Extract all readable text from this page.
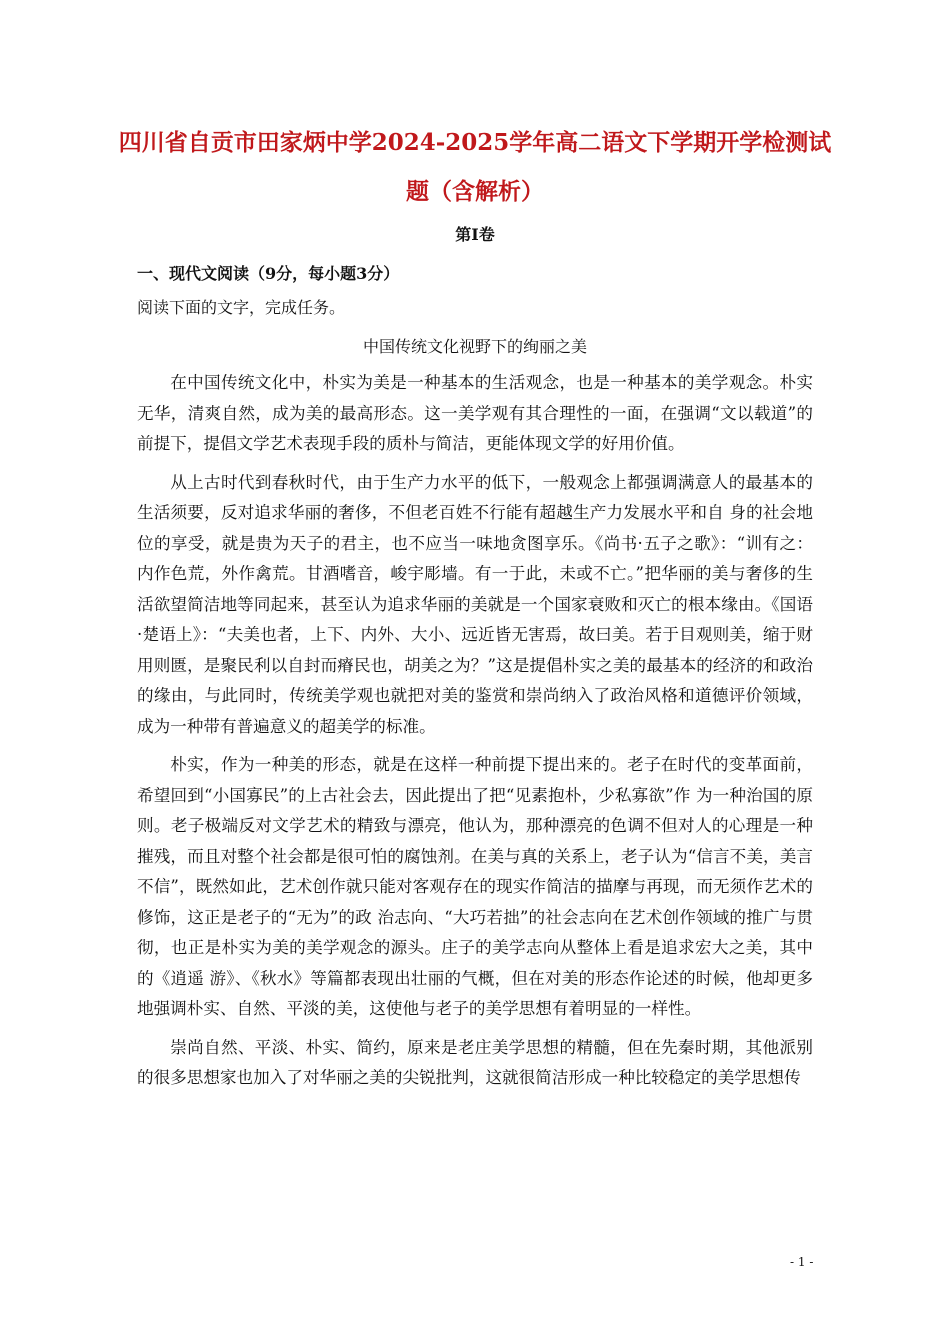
四川省自贡市田家炳中学2024-2025学年高二语文下学期开学检测试
题（含解析）
第Ⅰ卷
一、现代文阅读（9分，每小题3分）
阅读下面的文字，完成任务。
中国传统文化视野下的绚丽之美

在中国传统文化中，朴实为美是一种基本的生活观念，也是一种基本的美学观念。朴实无华，清爽自然，成为美的最高形态。这一美学观有其合理性的一面，在强调“文以载道”的前提下，提倡文学艺术表现手段的质朴与简洁，更能体现文学的好用价值。

从上古时代到春秋时代，由于生产力水平的低下，一般观念上都强调满意人的最基本的生活须要，反对追求华丽的奢侈，不但老百姓不行能有超越生产力发展水平和自 身的社会地位的享受，就是贵为天子的君主，也不应当一味地贪图享乐。《尚书·五子之歌》：“训有之：内作色荒，外作禽荒。甘酒嗜音，峻宇彫墙。有一于此，未或不亡。”把华丽的美与奢侈的生活欲望简洁地等同起来，甚至认为追求华丽的美就是一个国家衰败和灭亡的根本缘由。《国语·楚语上》：“夫美也者，上下、内外、大小、远近皆无害焉，故曰美。若于目观则美，缩于财用则匮，是聚民利以自封而瘠民也，胡美之为？”这是提倡朴实之美的最基本的经济的和政治的缘由，与此同时，传统美学观也就把对美的鉴赏和崇尚纳入了政治风格和道德评价领域，成为一种带有普遍意义的超美学的标准。

朴实，作为一种美的形态，就是在这样一种前提下提出来的。老子在时代的变革面前，希望回到“小国寡民”的上古社会去，因此提出了把“见素抱朴，少私寡欲”作 为一种治国的原则。老子极端反对文学艺术的精致与漂亮，他认为，那种漂亮的色调不但对人的心理是一种摧残，而且对整个社会都是很可怕的腐蚀剂。在美与真的关系上，老子认为“信言不美，美言不信”，既然如此，艺术创作就只能对客观存在的现实作简洁的描摩与再现，而无须作艺术的修饰，这正是老子的“无为”的政 治志向、“大巧若拙”的社会志向在艺术创作领域的推广与贯彻，也正是朴实为美的美学观念的源头。庄子的美学志向从整体上看是追求宏大之美，其中的《逍遥 游》、《秋水》等篇都表现出壮丽的气概，但在对美的形态作论述的时候，他却更多地强调朴实、自然、平淡的美，这使他与老子的美学思想有着明显的一样性。

崇尚自然、平淡、朴实、简约，原来是老庄美学思想的精髓，但在先秦时期，其他派别的很多思想家也加入了对华丽之美的尖锐批判，这就很简洁形成一种比较稳定的美学思想传

- 1 -
